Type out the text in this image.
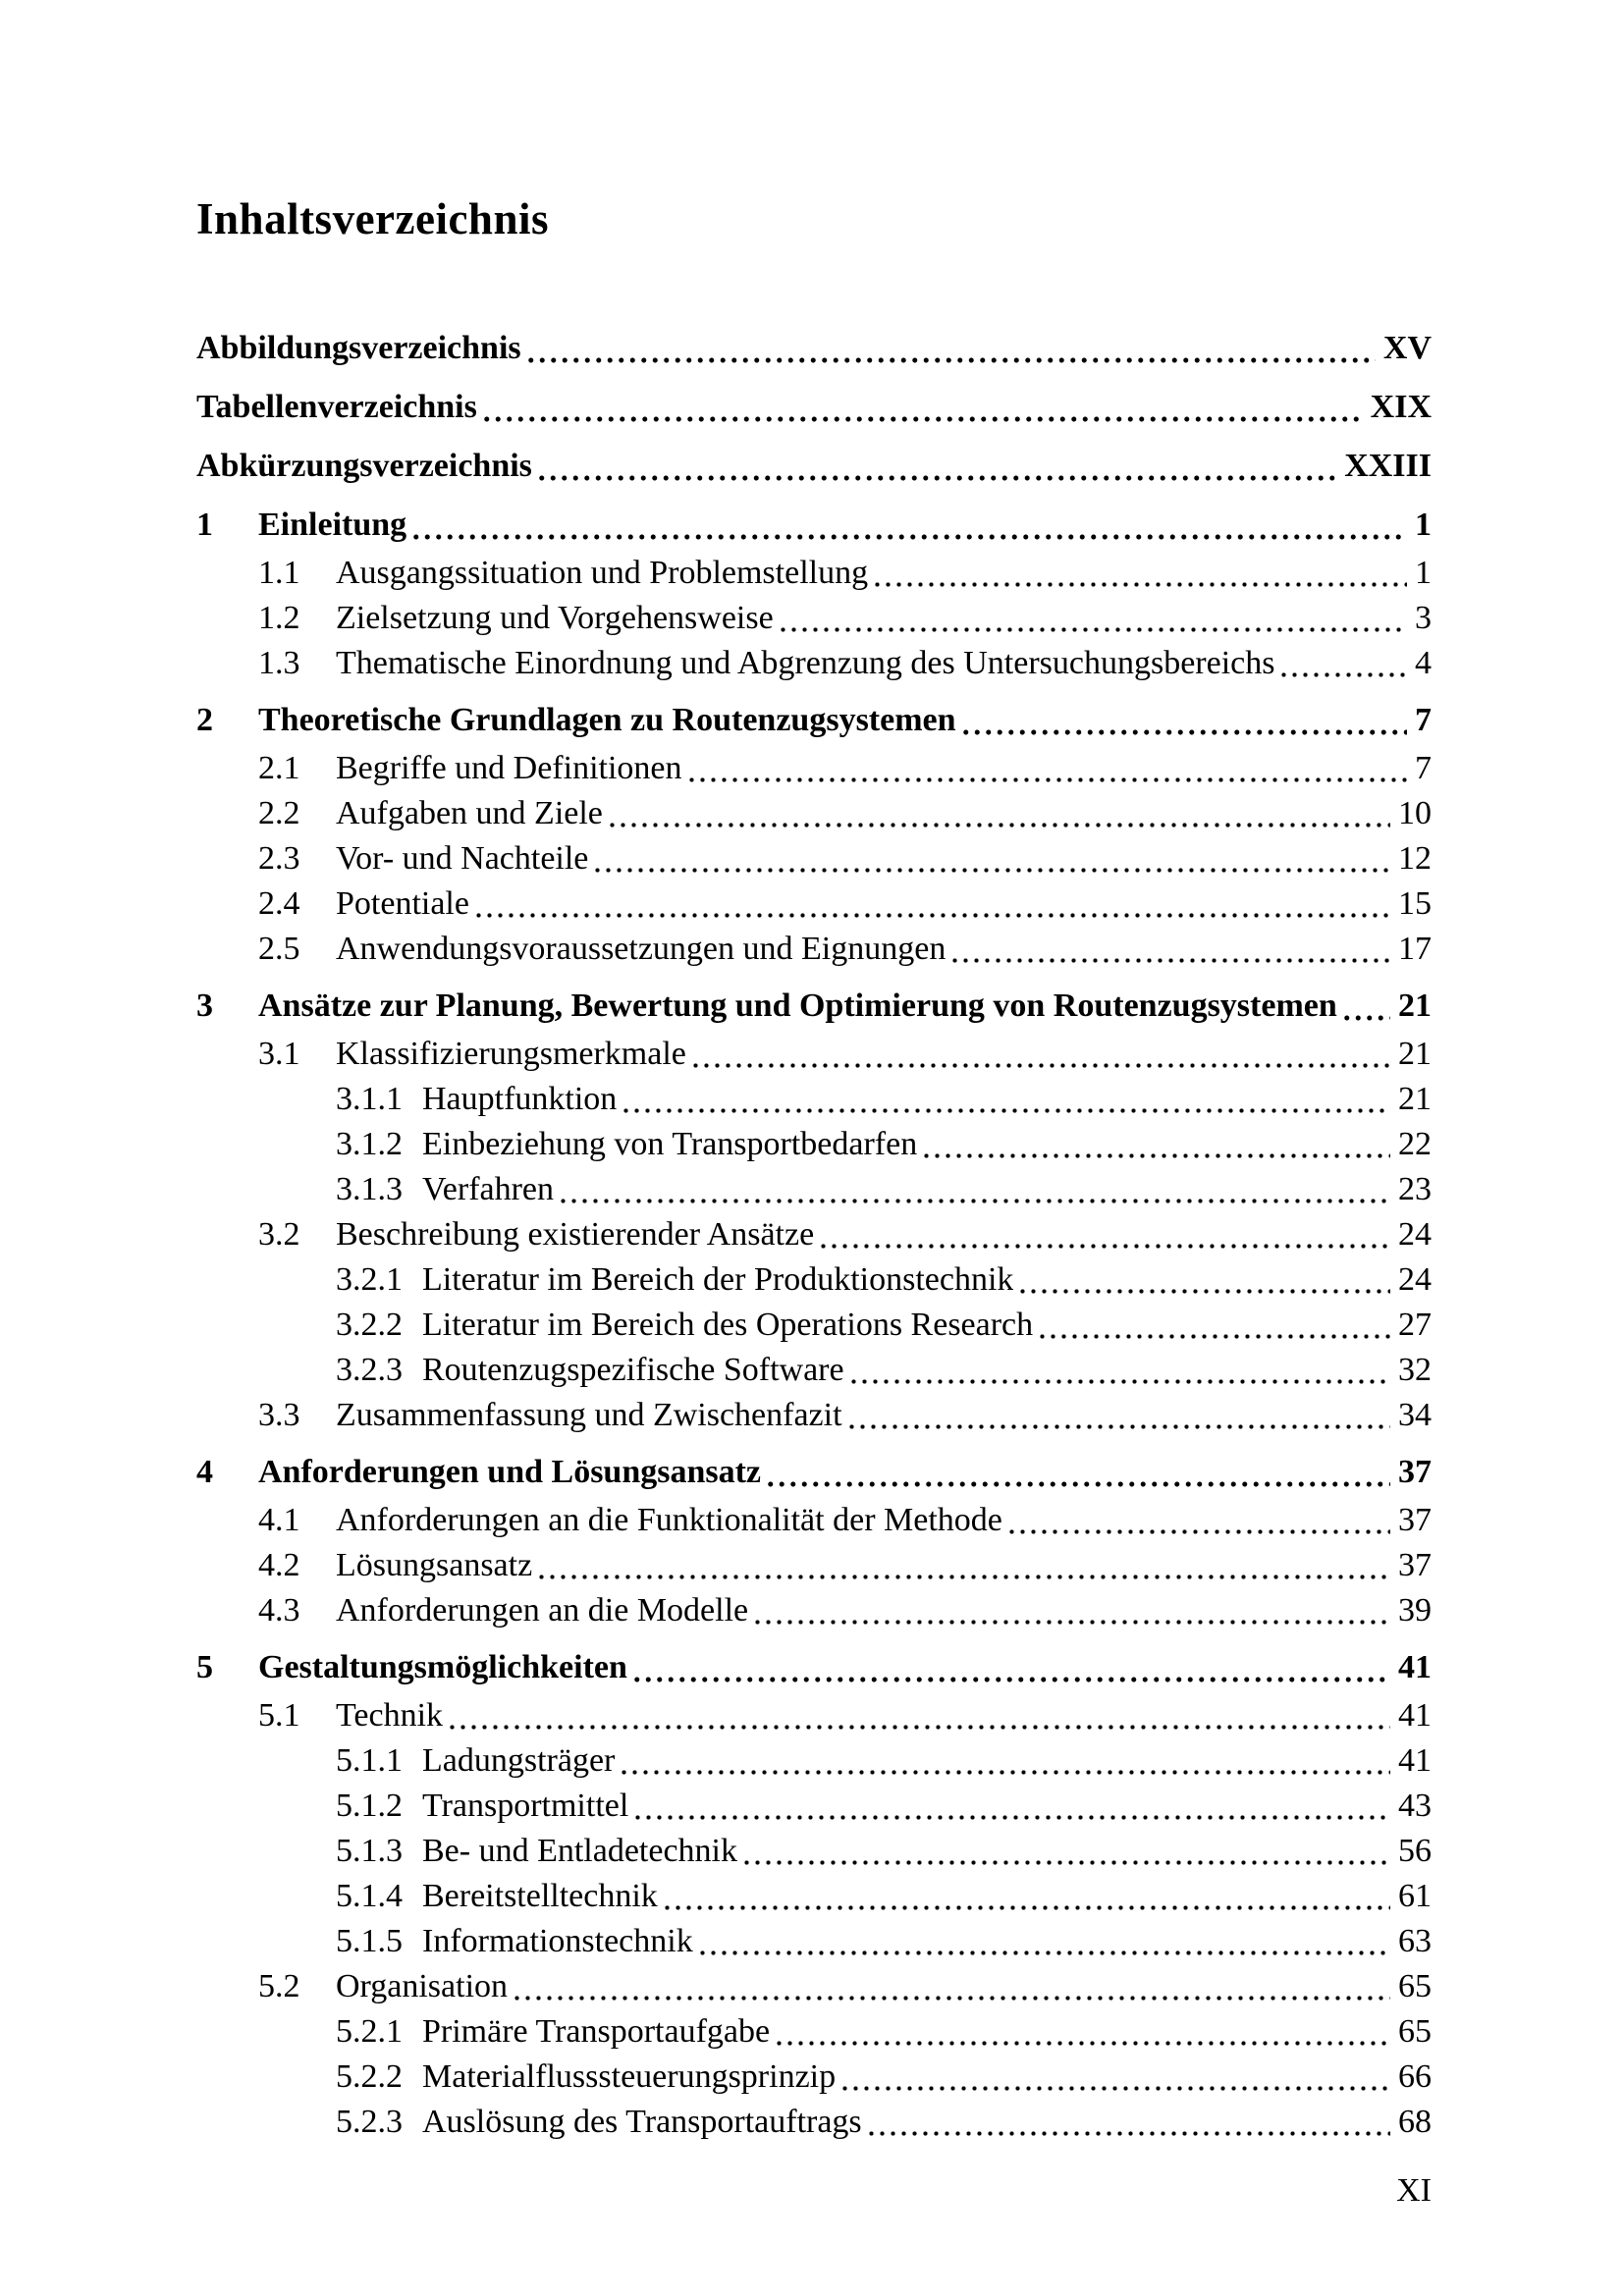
Inhaltsverzeichnis
Abbildungsverzeichnis	XV
Tabellenverzeichnis	XIX
Abkürzungsverzeichnis	XXIII
1	Einleitung	1
1.1	Ausgangssituation und Problemstellung	1
1.2	Zielsetzung und Vorgehensweise	3
1.3	Thematische Einordnung und Abgrenzung des Untersuchungsbereichs	4
2	Theoretische Grundlagen zu Routenzugsystemen	7
2.1	Begriffe und Definitionen	7
2.2	Aufgaben und Ziele	10
2.3	Vor- und Nachteile	12
2.4	Potentiale	15
2.5	Anwendungsvoraussetzungen und Eignungen	17
3	Ansätze zur Planung, Bewertung und Optimierung von Routenzugsystemen 21
3.1	Klassifizierungsmerkmale	21
3.1.1 Hauptfunktion	21
3.1.2 Einbeziehung von Transportbedarfen	22
3.1.3 Verfahren	23
3.2	Beschreibung existierender Ansätze	24
3.2.1 Literatur im Bereich der Produktionstechnik	24
3.2.2 Literatur im Bereich des Operations Research	27
3.2.3 Routenzugspezifische Software	32
3.3	Zusammenfassung und Zwischenfazit	34
4	Anforderungen und Lösungsansatz	37
4.1	Anforderungen an die Funktionalität der Methode	37
4.2	Lösungsansatz	37
4.3	Anforderungen an die Modelle	39
5	Gestaltungsmöglichkeiten	41
5.1	Technik	41
5.1.1 Ladungsträger	41
5.1.2 Transportmittel	43
5.1.3 Be- und Entladetechnik	56
5.1.4 Bereitstelltechnik	61
5.1.5 Informationstechnik	63
5.2	Organisation	65
5.2.1 Primäre Transportaufgabe	65
5.2.2 Materialflusssteuerungsprinzip	66
5.2.3 Auslösung des Transportauftrags	68
XI
